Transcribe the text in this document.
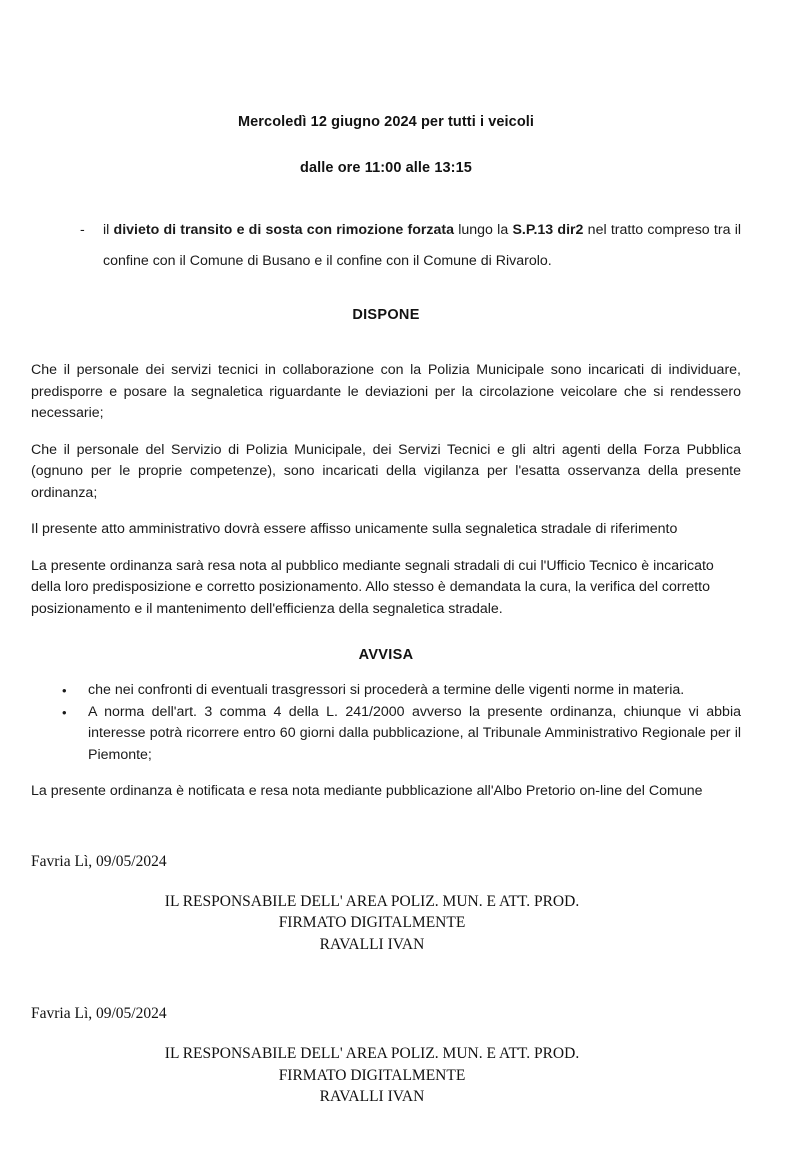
Mercoledì 12 giugno 2024 per tutti i veicoli
dalle ore 11:00 alle 13:15
-	il divieto di transito e di sosta con rimozione forzata lungo la S.P.13 dir2 nel tratto compreso tra il confine con il Comune di Busano e il confine con il Comune di Rivarolo.
DISPONE

Che il personale dei servizi tecnici in collaborazione con la Polizia Municipale sono incaricati di individuare, predisporre e posare la segnaletica riguardante le deviazioni per la circolazione veicolare che si rendessero necessarie;

Che il personale del Servizio di Polizia Municipale, dei Servizi Tecnici e gli altri agenti della Forza Pubblica (ognuno per le proprie competenze), sono incaricati della vigilanza per l'esatta osservanza della presente ordinanza;

Il presente atto amministrativo dovrà essere affisso unicamente sulla segnaletica stradale di riferimento

La presente ordinanza sarà resa nota al pubblico mediante segnali stradali di cui l'Ufficio Tecnico è incaricato della loro predisposizione e corretto posizionamento. Allo stesso è demandata la cura, la verifica del corretto posizionamento e il mantenimento dell'efficienza della segnaletica stradale.

AVVISA
• che nei confronti di eventuali trasgressori si procederà a termine delle vigenti norme in materia.
• A norma dell'art. 3 comma 4 della L. 241/2000 avverso la presente ordinanza, chiunque vi abbia interesse potrà ricorrere entro 60 giorni dalla pubblicazione, al Tribunale Amministrativo Regionale per il Piemonte;

La presente ordinanza è notificata e resa nota mediante pubblicazione all'Albo Pretorio on-line del Comune

Favria Lì, 09/05/2024
IL RESPONSABILE DELL' AREA POLIZ. MUN. E ATT. PROD.
FIRMATO DIGITALMENTE
RAVALLI IVAN
Favria Lì, 09/05/2024
IL RESPONSABILE DELL' AREA POLIZ. MUN. E ATT. PROD.
FIRMATO DIGITALMENTE
RAVALLI IVAN
